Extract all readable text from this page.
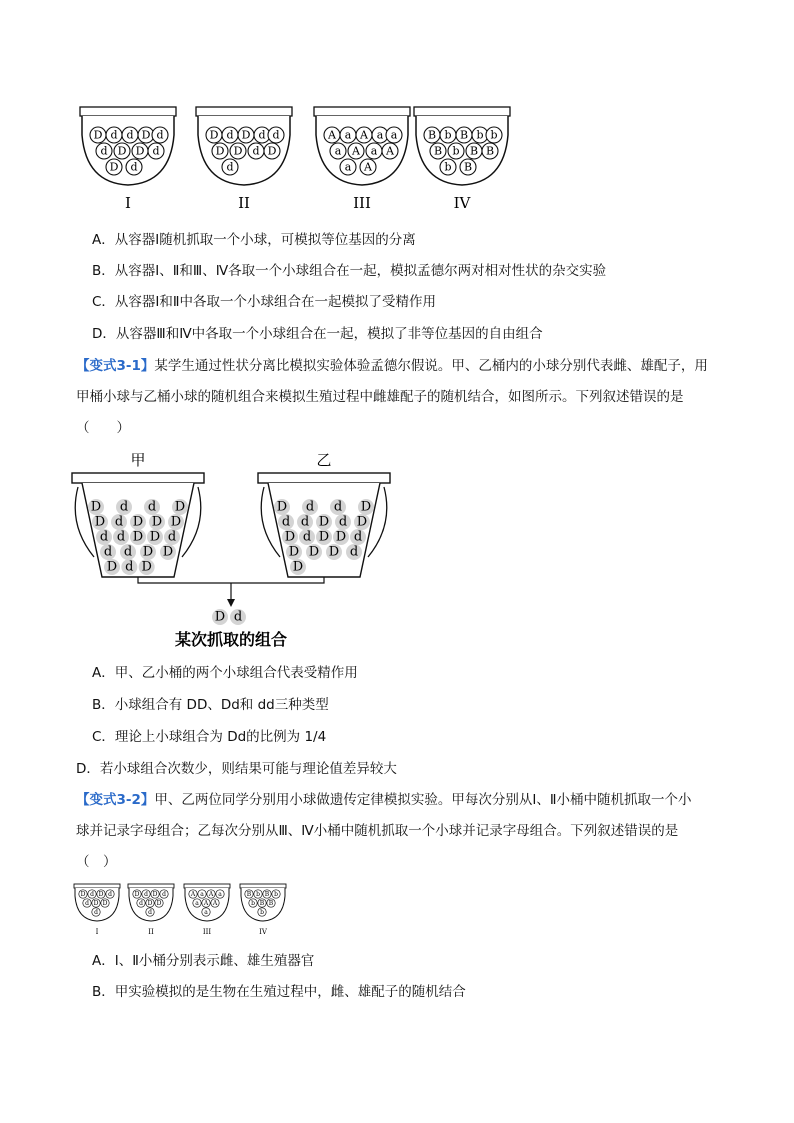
D d d D d
d D D d
D d
I
D d D d d
D D d D
d
II
A a A a a
a A a A
a A
III
B b B b b
B b B B
b B
IV
A．从容器Ⅰ随机抓取一个小球，可模拟等位基因的分离
B．从容器Ⅰ、Ⅱ和Ⅲ、Ⅳ各取一个小球组合在一起，模拟孟德尔两对相对性状的杂交实验
C．从容器Ⅰ和Ⅱ中各取一个小球组合在一起模拟了受精作用
D．从容器Ⅲ和Ⅳ中各取一个小球组合在一起，模拟了非等位基因的自由组合
【变式3-1】某学生通过性状分离比模拟实验体验孟德尔假说。甲、乙桶内的小球分别代表雌、雄配子，用
甲桶小球与乙桶小球的随机组合来模拟生殖过程中雌雄配子的随机结合，如图所示。下列叙述错误的是
（　　）
甲
D d d D
D d D D D
d d D D d
d d D D
D d D
乙
D d d D
d d D d D
D d D D d
D D D d
D
D d
某次抓取的组合
A．甲、乙小桶的两个小球组合代表受精作用
B．小球组合有 DD、Dd和 dd三种类型
C．理论上小球组合为 Dd的比例为 1/4
D．若小球组合次数少，则结果可能与理论值差异较大
【变式3-2】甲、乙两位同学分别用小球做遗传定律模拟实验。甲每次分别从Ⅰ、Ⅱ小桶中随机抓取一个小
球并记录字母组合；乙每次分别从Ⅲ、Ⅳ小桶中随机抓取一个小球并记录字母组合。下列叙述错误的是
（　）
D d D d
d D D
d
I
D d D d
d D D
d
II
A a A a
a A A
a
III
B b B b
b B B
b
IV
A．Ⅰ、Ⅱ小桶分别表示雌、雄生殖器官
B．甲实验模拟的是生物在生殖过程中，雌、雄配子的随机结合
